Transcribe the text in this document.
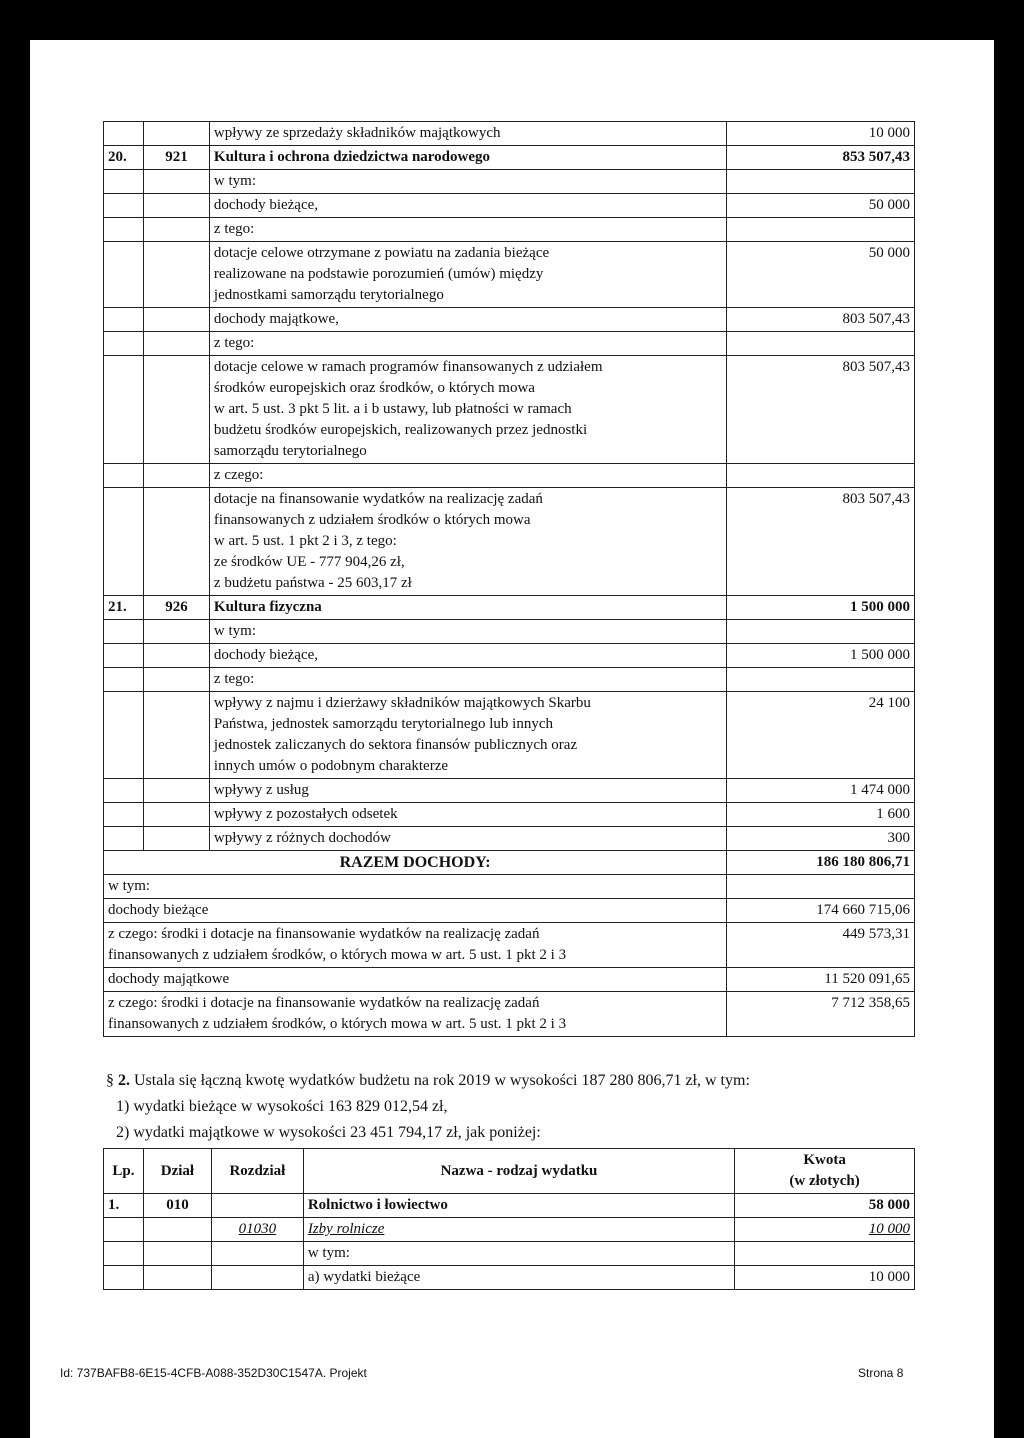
		wpływy ze sprzedaży składników majątkowych	10 000
20.	921	Kultura i ochrona dziedzictwa narodowego	853 507,43
		w tym:	
		dochody bieżące,	50 000
		z tego:	

		dotacje celowe otrzymane z powiatu na zadania bieżące
realizowane na podstawie porozumień (umów) między
jednostkami samorządu terytorialnego	50 000
		dochody majątkowe,	803 507,43
		z tego:	

		dotacje celowe w ramach programów finansowanych z udziałem
środków europejskich oraz środków, o których mowa
w art. 5 ust. 3 pkt 5 lit. a i b ustawy, lub płatności w ramach
budżetu środków europejskich, realizowanych przez jednostki
samorządu terytorialnego	803 507,43
		z czego:	

		dotacje na finansowanie wydatków na realizację zadań
finansowanych z udziałem środków o których mowa
w art. 5 ust. 1 pkt 2 i 3, z tego:
ze środków UE - 777 904,26 zł,
z budżetu państwa - 25 603,17 zł	803 507,43
21.	926	Kultura fizyczna	1 500 000
		w tym:	
		dochody bieżące,	1 500 000
		z tego:	

		wpływy z najmu i dzierżawy składników majątkowych Skarbu
Państwa, jednostek samorządu terytorialnego lub innych
jednostek zaliczanych do sektora finansów publicznych oraz
innych umów o podobnym charakterze	24 100
		wpływy z usług	1 474 000
		wpływy z pozostałych odsetek	1 600
		wpływy z różnych dochodów	300
RAZEM DOCHODY:			186 180 806,71
w tym:			
dochody bieżące			174 660 715,06

z czego: środki i dotacje na finansowanie wydatków na realizację zadań
finansowanych z udziałem środków, o których mowa w art. 5 ust. 1 pkt 2 i 3			449 573,31
dochody majątkowe			11 520 091,65

z czego: środki i dotacje na finansowanie wydatków na realizację zadań
finansowanych z udziałem środków, o których mowa w art. 5 ust. 1 pkt 2 i 3			7 712 358,65
§ 2. Ustala się łączną kwotę wydatków budżetu na rok 2019 w wysokości 187 280 806,71 zł, w tym:
1) wydatki bieżące w wysokości 163 829 012,54 zł,
2) wydatki majątkowe w wysokości 23 451 794,17 zł, jak poniżej:
Lp.	Dział	Rozdział	Nazwa - rodzaj wydatku	Kwota
(w złotych)

1.	010		Rolnictwo i łowiectwo	58 000
		01030	Izby rolnicze	10 000
			w tym:	
			a) wydatki bieżące	10 000
Id: 737BAFB8-6E15-4CFB-A088-352D30C1547A. Projekt	Strona 8
